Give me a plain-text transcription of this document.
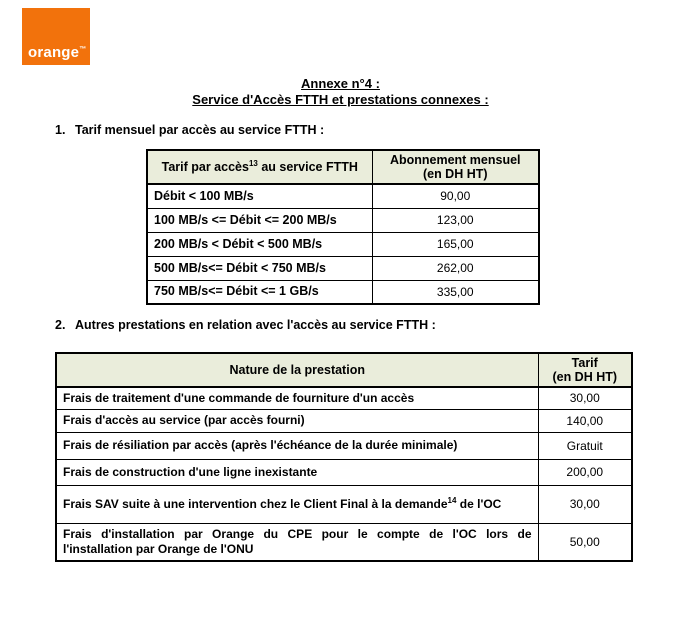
orange™
Annexe n°4 :
Service d'Accès FTTH et prestations connexes :
1. Tarif mensuel par accès au service FTTH :
Tarif par accès$^{13}$ au service FTTH	Abonnement mensuel
(en DH HT)

Débit < 100 MB/s	90,00
100 MB/s <= Débit <= 200 MB/s	123,00
200 MB/s < Débit < 500 MB/s	165,00
500 MB/s<= Débit < 750 MB/s	262,00
750 MB/s<= Débit <= 1 GB/s	335,00
2. Autres prestations en relation avec l'accès au service FTTH :
Nature de la prestation	Tarif
(en DH HT)

Frais de traitement d'une commande de fourniture d'un accès	30,00
Frais d'accès au service (par accès fourni)	140,00
Frais de résiliation par accès (après l'échéance de la durée minimale)	Gratuit
Frais de construction d'une ligne inexistante	200,00
Frais SAV suite à une intervention chez le Client Final à la demande$^{14}$ de l'OC	30,00
Frais d'installation par Orange du CPE pour le compte de l'OC lors de l'installation par Orange de l'ONU	50,00
